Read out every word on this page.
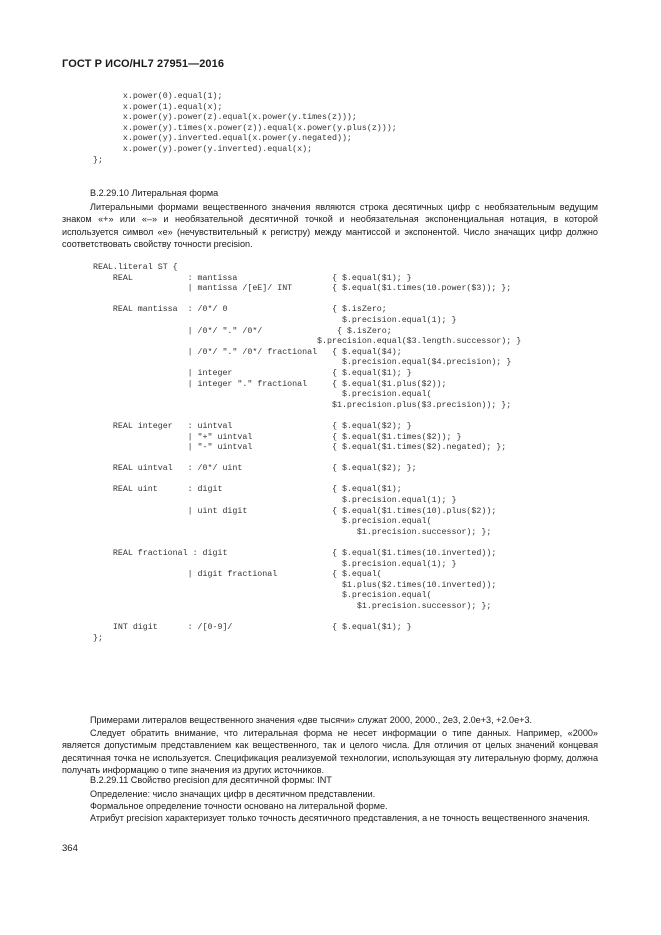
ГОСТ Р ИСО/HL7 27951—2016
x.power(0).equal(1);
x.power(1).equal(x);
x.power(y).power(z).equal(x.power(y.times(z)));
x.power(y).times(x.power(z)).equal(x.power(y.plus(z)));
x.power(y).inverted.equal(x.power(y.negated));
x.power(y).power(y.inverted).equal(x);
};
В.2.29.10 Литеральная форма

Литеральными формами вещественного значения являются строка десятичных цифр с необязательным ведущим знаком «+» или «–» и необязательной десятичной точкой и необязательная экспоненциальная нотация, в которой используется символ «е» (нечувствительный к регистру) между мантиссой и экспонентой. Число значащих цифр должно соответствовать свойству точности precision.

REAL.literal ST {
REAL           : mantissa                   { $.equal($1); }
| mantissa /[eE]/ INT        { $.equal($1.times(10.power($3)); };

REAL mantissa  : /0*/ 0                     { $.isZero;
$.precision.equal(1); }
| /0*/ "." /0*/               { $.isZero;
$.precision.equal($3.length.successor); }
| /0*/ "." /0*/ fractional   { $.equal($4);
$.precision.equal($4.precision); }
| integer                    { $.equal($1); }
| integer "." fractional     { $.equal($1.plus($2));
$.precision.equal(
$1.precision.plus($3.precision)); };

REAL integer   : uintval                    { $.equal($2); }
| "+" uintval                { $.equal($1.times($2)); }
| "-" uintval                { $.equal($1.times($2).negated); };

REAL uintval   : /0*/ uint                  { $.equal($2); };

REAL uint      : digit                      { $.equal($1);
$.precision.equal(1); }
| uint digit                 { $.equal($1.times(10).plus($2));
$.precision.equal(
$1.precision.successor); };

REAL fractional : digit                     { $.equal($1.times(10.inverted));
$.precision.equal(1); }
| digit fractional           { $.equal(
$1.plus($2.times(10.inverted));
$.precision.equal(
$1.precision.successor); };

INT digit      : /[0-9]/                    { $.equal($1); }
};

Примерами литералов вещественного значения «две тысячи» служат 2000, 2000., 2e3, 2.0e+3, +2.0e+3.

Следует обратить внимание, что литеральная форма не несет информации о типе данных. Например, «2000» является допустимым представлением как вещественного, так и целого числа. Для отличия от целых значений концевая десятичная точка не используется. Спецификация реализуемой технологии, использующая эту литеральную форму, должна получать информацию о типе значения из других источников.

В.2.29.11 Свойство precision для десятичной формы: INT

Определение: число значащих цифр в десятичном представлении.

Формальное определение точности основано на литеральной форме.

Атрибут precision характеризует только точность десятичного представления, а не точность вещественного значения.

364
